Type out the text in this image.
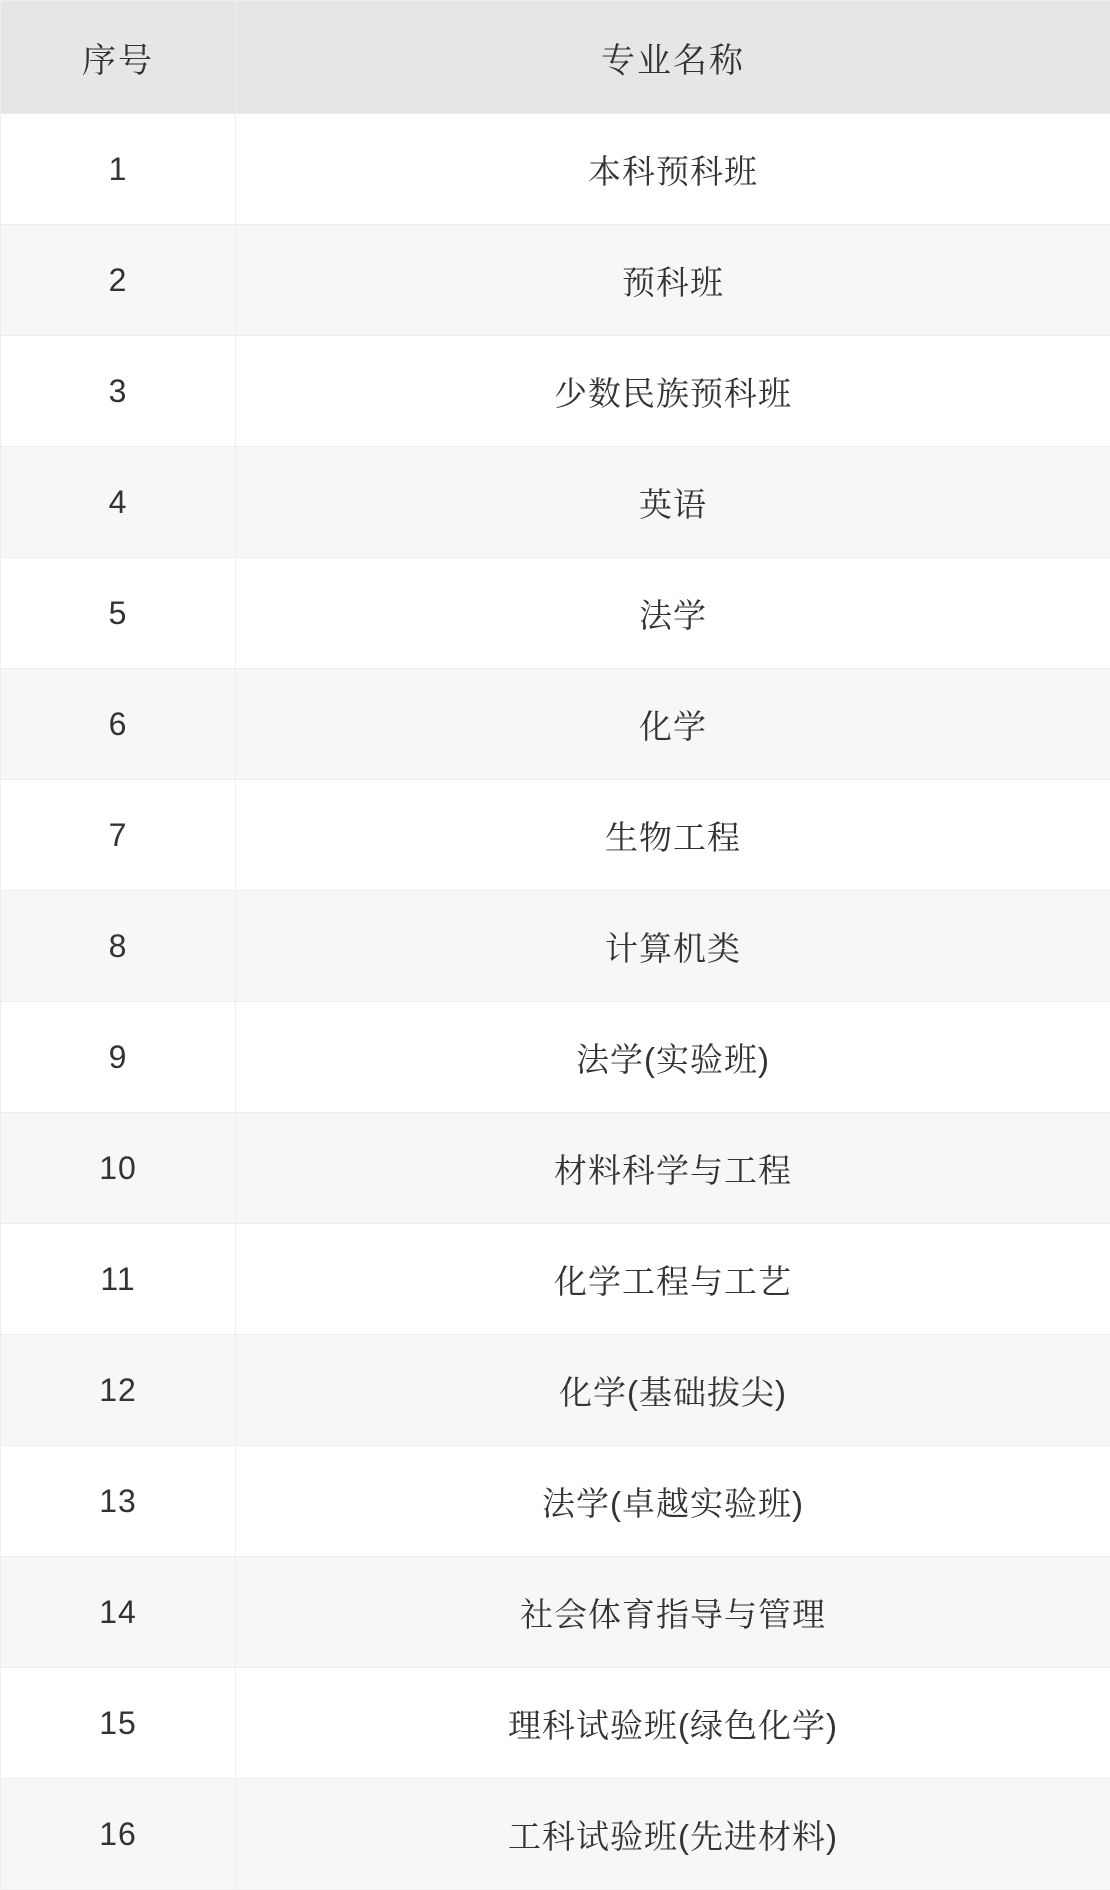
序号	专业名称
1	本科预科班
2	预科班
3	少数民族预科班
4	英语
5	法学
6	化学
7	生物工程
8	计算机类
9	法学(实验班)
10	材料科学与工程
11	化学工程与工艺
12	化学(基础拔尖)
13	法学(卓越实验班)
14	社会体育指导与管理
15	理科试验班(绿色化学)
16	工科试验班(先进材料)
